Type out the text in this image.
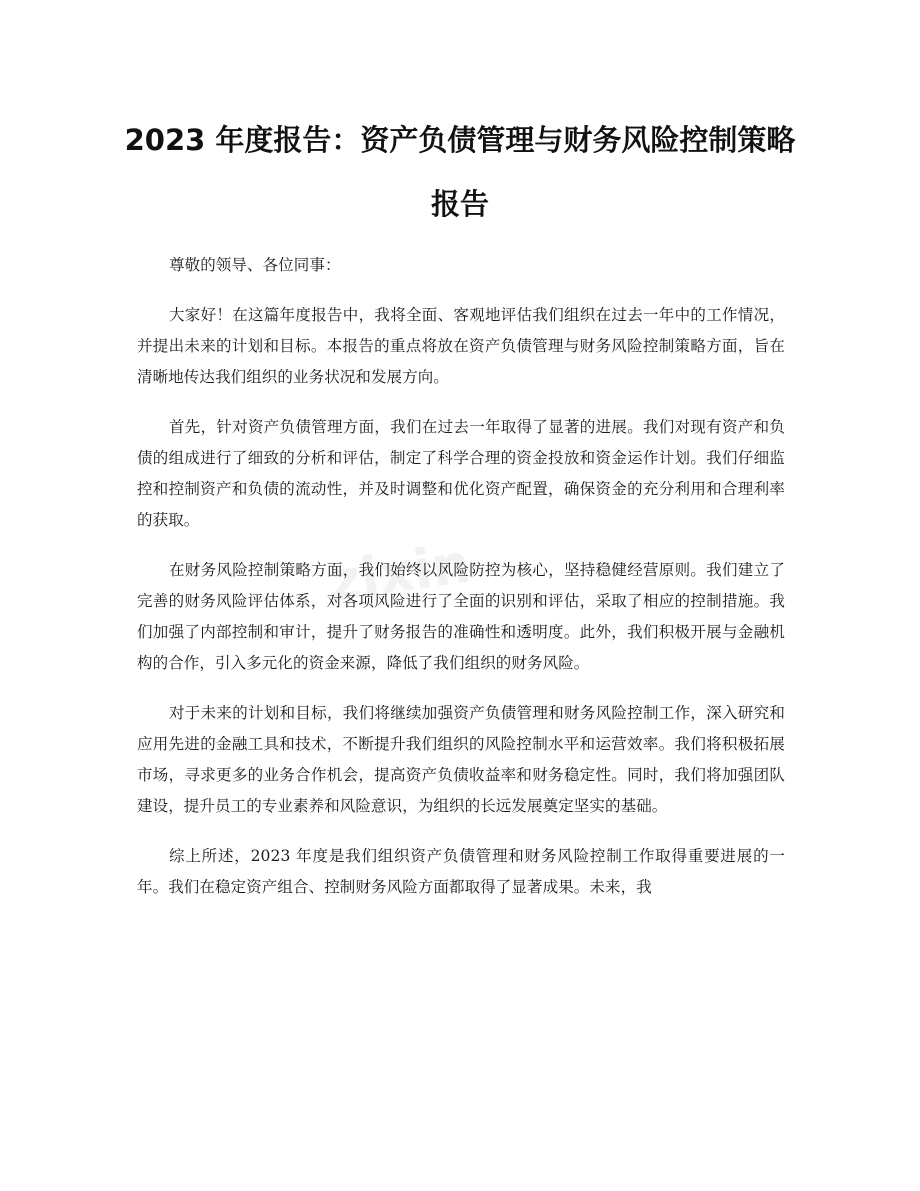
2023 年度报告：资产负债管理与财务风险控制策略报告
zixin

尊敬的领导、各位同事：

大家好！在这篇年度报告中，我将全面、客观地评估我们组织在过去一年中的工作情况，并提出未来的计划和目标。本报告的重点将放在资产负债管理与财务风险控制策略方面，旨在清晰地传达我们组织的业务状况和发展方向。

首先，针对资产负债管理方面，我们在过去一年取得了显著的进展。我们对现有资产和负债的组成进行了细致的分析和评估，制定了科学合理的资金投放和资金运作计划。我们仔细监控和控制资产和负债的流动性，并及时调整和优化资产配置，确保资金的充分利用和合理利率的获取。

在财务风险控制策略方面，我们始终以风险防控为核心，坚持稳健经营原则。我们建立了完善的财务风险评估体系，对各项风险进行了全面的识别和评估，采取了相应的控制措施。我们加强了内部控制和审计，提升了财务报告的准确性和透明度。此外，我们积极开展与金融机构的合作，引入多元化的资金来源，降低了我们组织的财务风险。

对于未来的计划和目标，我们将继续加强资产负债管理和财务风险控制工作，深入研究和应用先进的金融工具和技术，不断提升我们组织的风险控制水平和运营效率。我们将积极拓展市场，寻求更多的业务合作机会，提高资产负债收益率和财务稳定性。同时，我们将加强团队建设，提升员工的专业素养和风险意识，为组织的长远发展奠定坚实的基础。

综上所述，2023 年度是我们组织资产负债管理和财务风险控制工作取得重要进展的一年。我们在稳定资产组合、控制财务风险方面都取得了显著成果。未来，我
